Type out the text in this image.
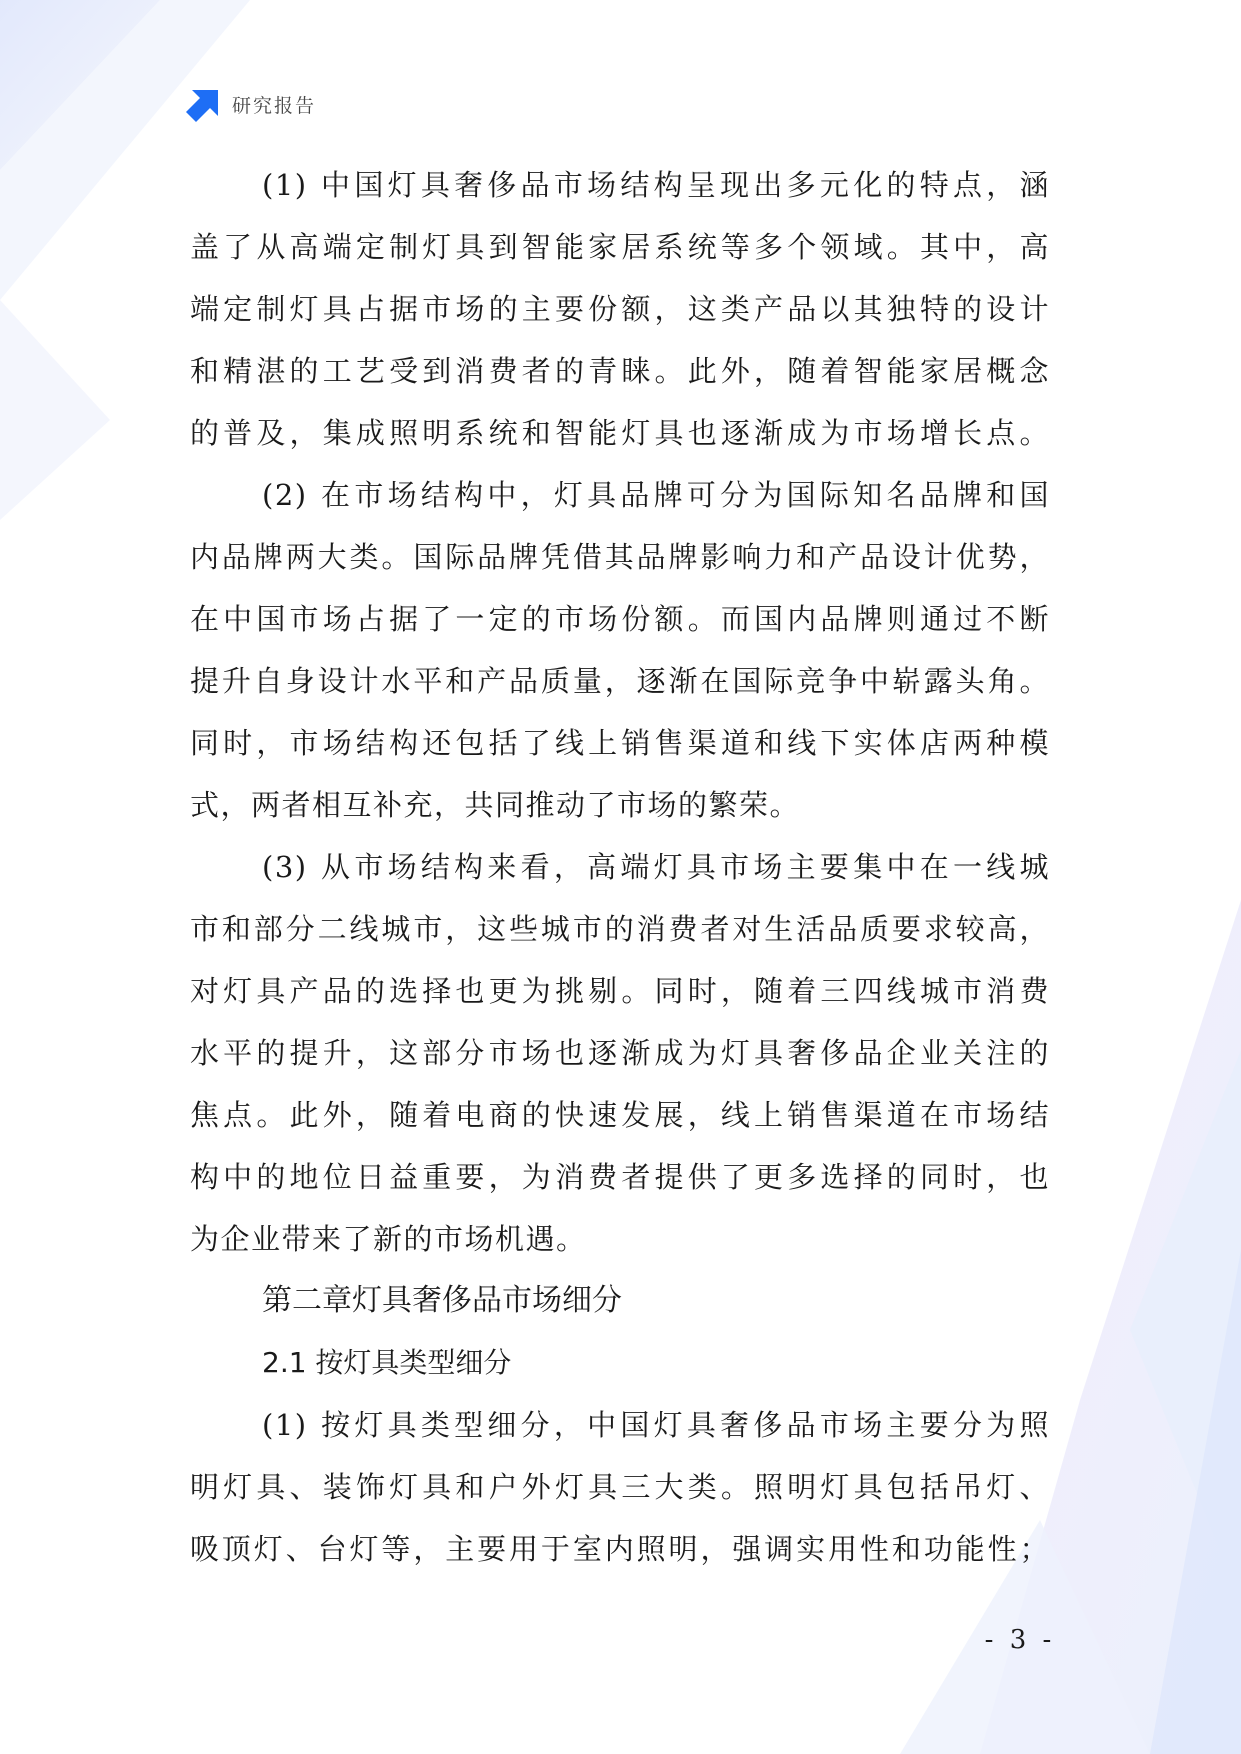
研究报告
(1) 中国灯具奢侈品市场结构呈现出多元化的特点，涵
盖了从高端定制灯具到智能家居系统等多个领域。其中，高
端定制灯具占据市场的主要份额，这类产品以其独特的设计
和精湛的工艺受到消费者的青睐。此外，随着智能家居概念
的普及，集成照明系统和智能灯具也逐渐成为市场增长点。
(2) 在市场结构中，灯具品牌可分为国际知名品牌和国
内品牌两大类。国际品牌凭借其品牌影响力和产品设计优势，
在中国市场占据了一定的市场份额。而国内品牌则通过不断
提升自身设计水平和产品质量，逐渐在国际竞争中崭露头角。
同时，市场结构还包括了线上销售渠道和线下实体店两种模
式，两者相互补充，共同推动了市场的繁荣。
(3) 从市场结构来看，高端灯具市场主要集中在一线城
市和部分二线城市，这些城市的消费者对生活品质要求较高，
对灯具产品的选择也更为挑剔。同时，随着三四线城市消费
水平的提升，这部分市场也逐渐成为灯具奢侈品企业关注的
焦点。此外，随着电商的快速发展，线上销售渠道在市场结
构中的地位日益重要，为消费者提供了更多选择的同时，也
为企业带来了新的市场机遇。
第二章灯具奢侈品市场细分
2.1 按灯具类型细分
(1) 按灯具类型细分，中国灯具奢侈品市场主要分为照
明灯具、装饰灯具和户外灯具三大类。照明灯具包括吊灯、
吸顶灯、台灯等，主要用于室内照明，强调实用性和功能性；
- 3 -
